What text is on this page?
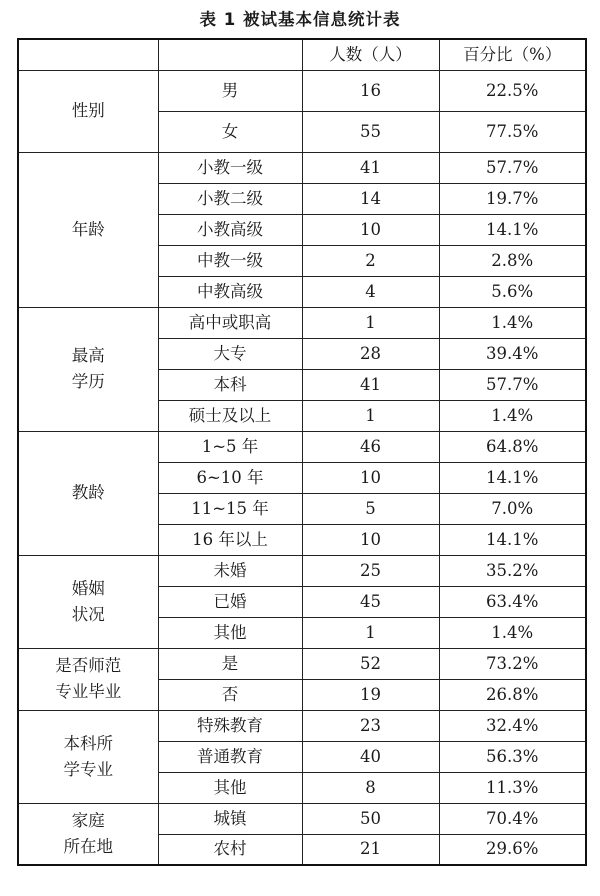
表 1 被试基本信息统计表
		人数（人）	百分比（%）
性别	男	16	22.5%
	女	55	77.5%
年龄	小教一级	41	57.7%
	小教二级	14	19.7%
	小教高级	10	14.1%
	中教一级	2	2.8%
	中教高级	4	5.6%
最高
学历	高中或职高	1	1.4%
	大专	28	39.4%
	本科	41	57.7%
	硕士及以上	1	1.4%
教龄	1~5 年	46	64.8%
	6~10 年	10	14.1%
	11~15 年	5	7.0%
	16 年以上	10	14.1%
婚姻
状况	未婚	25	35.2%
	已婚	45	63.4%
	其他	1	1.4%
是否师范
专业毕业	是	52	73.2%
	否	19	26.8%
本科所
学专业	特殊教育	23	32.4%
	普通教育	40	56.3%
	其他	8	11.3%
家庭
所在地	城镇	50	70.4%
	农村	21	29.6%
